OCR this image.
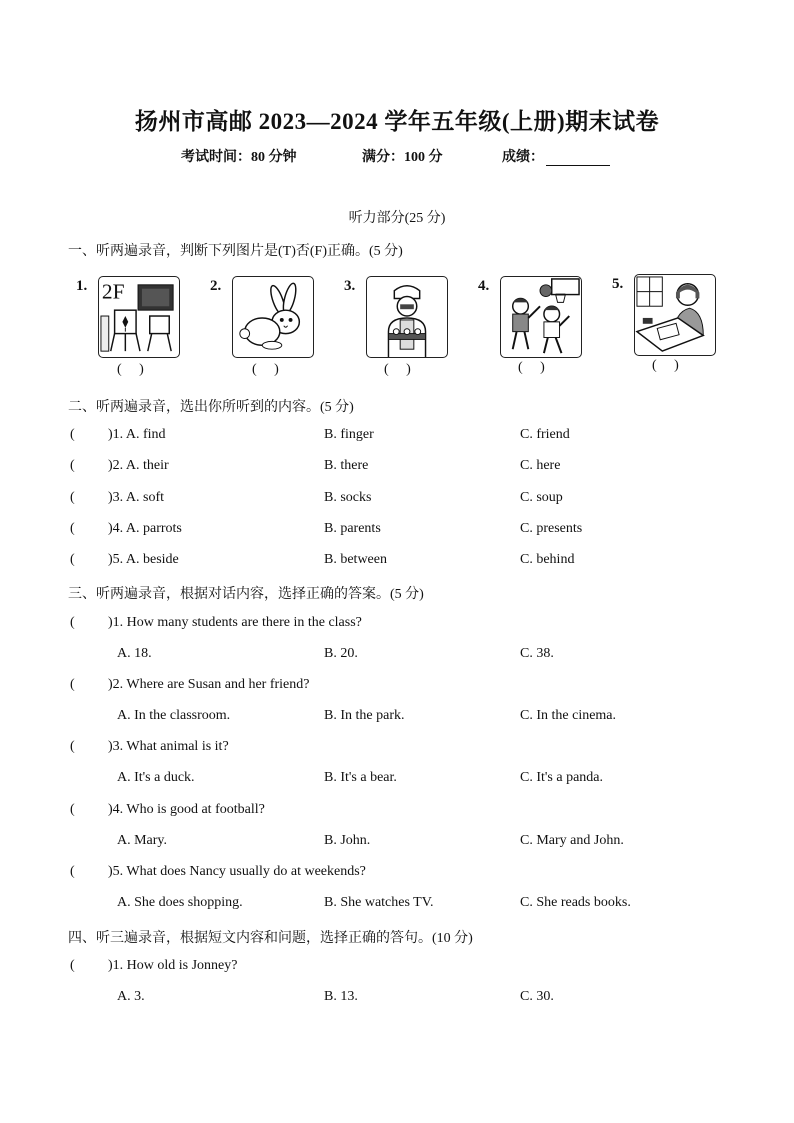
扬州市高邮 2023—2024 学年五年级(上册)期末试卷
考试时间：80 分钟	满分：100 分	成绩：
听力部分(25 分)
一、听两遍录音，判断下列图片是(T)否(F)正确。(5 分)
1. 2F
(     )
2.
(     )
3.
(     )
4.
(     )
5.
(     )
二、听两遍录音，选出你所听到的内容。(5 分)
( )1. A. find	B. finger	C. friend
( )2. A. their	B. there	C. here
( )3. A. soft	B. socks	C. soup
( )4. A. parrots	B. parents	C. presents
( )5. A. beside	B. between	C. behind
三、听两遍录音，根据对话内容，选择正确的答案。(5 分)
( )1. How many students are there in the class?
A. 18.	B. 20.	C. 38.
( )2. Where are Susan and her friend?
A. In the classroom.	B. In the park.	C. In the cinema.
( )3. What animal is it?
A. It's a duck.	B. It's a bear.	C. It's a panda.
( )4. Who is good at football?
A. Mary.	B. John.	C. Mary and John.
( )5. What does Nancy usually do at weekends?
A. She does shopping.	B. She watches TV.	C. She reads books.
四、听三遍录音，根据短文内容和问题，选择正确的答句。(10 分)
( )1. How old is Jonney?
A. 3.	B. 13.	C. 30.
